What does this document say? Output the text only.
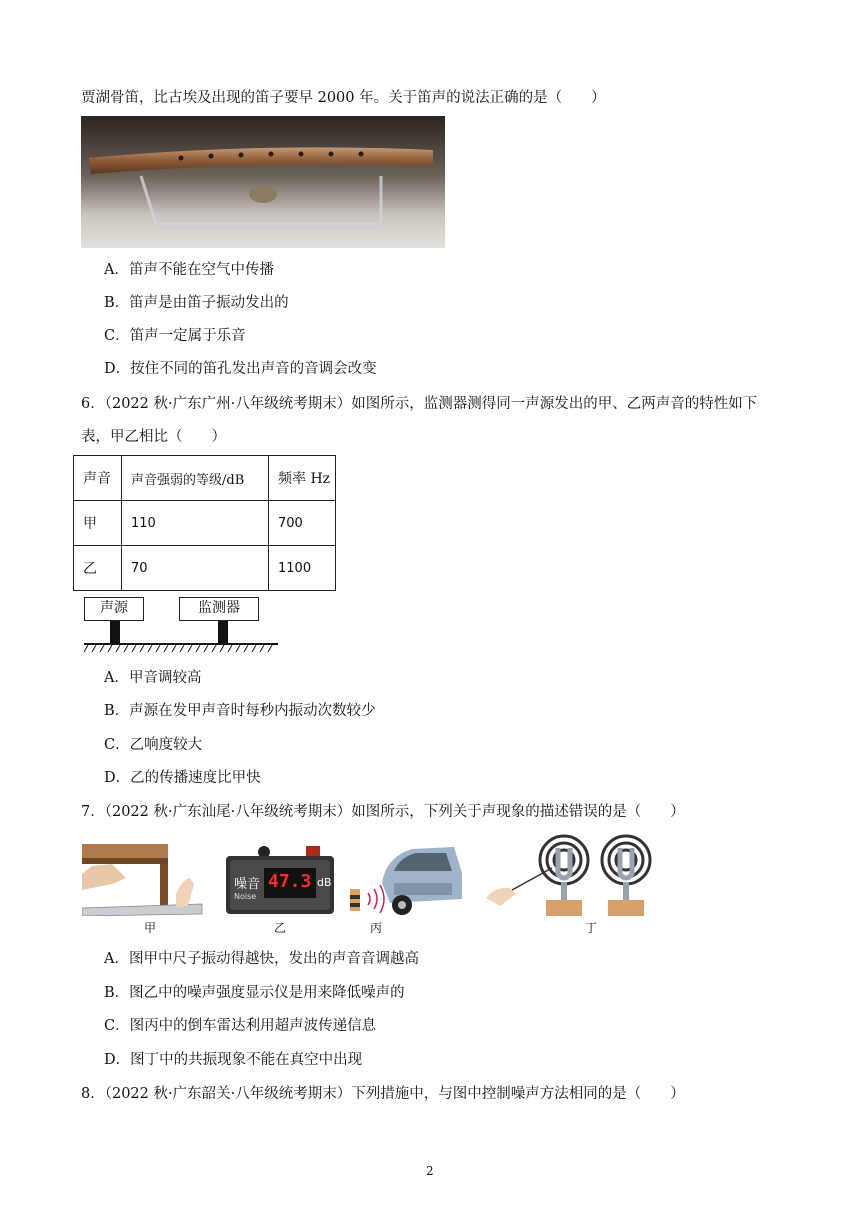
贾湖骨笛，比古埃及出现的笛子要早 2000 年。关于笛声的说法正确的是（　　）
A．笛声不能在空气中传播
B．笛声是由笛子振动发出的
C．笛声一定属于乐音
D．按住不同的笛孔发出声音的音调会改变
6．（2022 秋·广东广州·八年级统考期末）如图所示，监测器测得同一声源发出的甲、乙两声音的特性如下
表，甲乙相比（　　）
声音	声音强弱的等级/dB	频率 Hz
甲	110	700
乙	70	1100
声源	监测器
A．甲音调较高
B．声源在发甲声音时每秒内振动次数较少
C．乙响度较大
D．乙的传播速度比甲快
7．（2022 秋·广东汕尾·八年级统考期末）如图所示，下列关于声现象的描述错误的是（　　）
噪音
Noise
47.3 dB
甲	乙	丙	丁
A．图甲中尺子振动得越快，发出的声音音调越高
B．图乙中的噪声强度显示仪是用来降低噪声的
C．图丙中的倒车雷达利用超声波传递信息
D．图丁中的共振现象不能在真空中出现
8．（2022 秋·广东韶关·八年级统考期末）下列措施中，与图中控制噪声方法相同的是（　　）
2
